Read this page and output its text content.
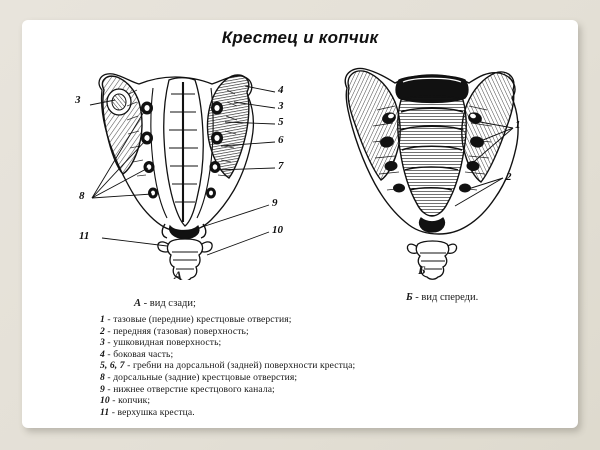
Крестец и копчик
3
8
11
4
3
5
6
7
9
10
1
2
А	Б
А - вид сзади;
Б - вид спереди.
1 - тазовые (передние) крестцовые отверстия;
2 - передняя (тазовая) поверхность;
3 - ушковидная поверхность;
4 - боковая часть;
5, 6, 7 - гребни на дорсальной (задней) поверхности крестца;
8 - дорсальные (задние) крестцовые отверстия;
9 - нижнее отверстие крестцового канала;
10 - копчик;
11 - верхушка крестца.
